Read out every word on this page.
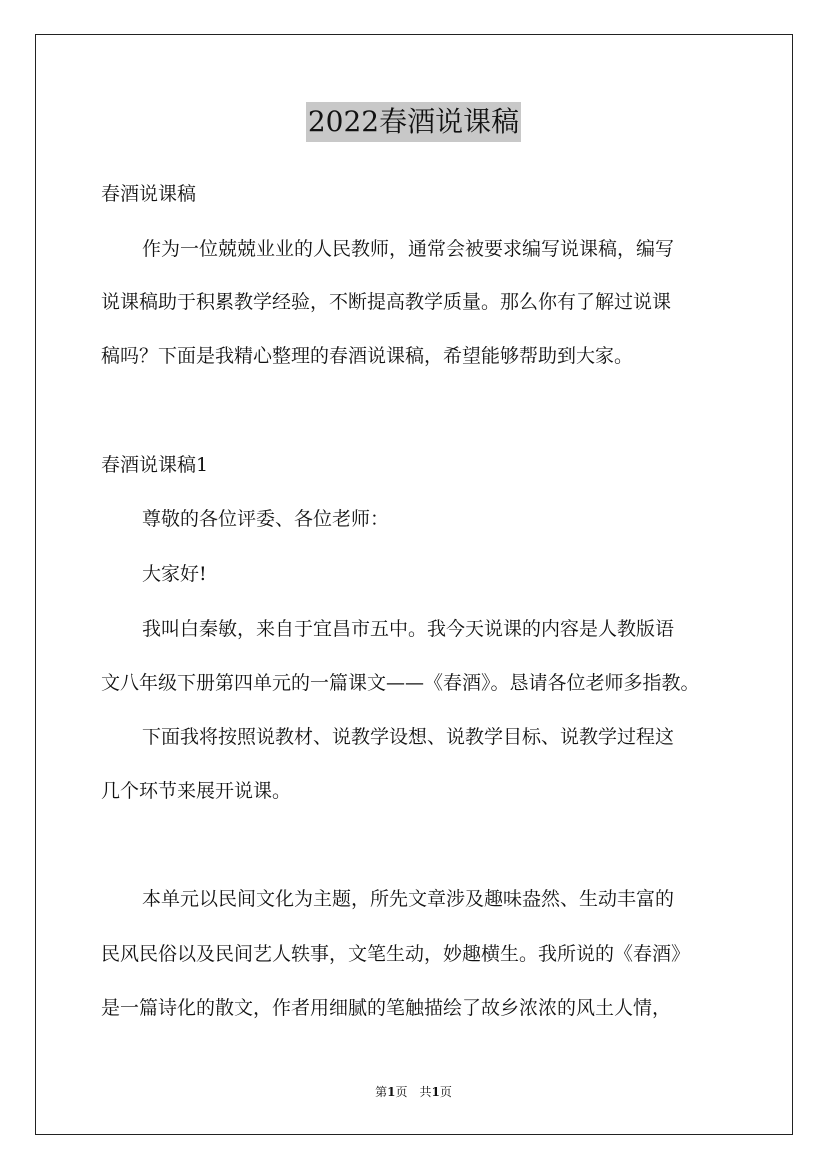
2022春酒说课稿
春酒说课稿
作为一位兢兢业业的人民教师，通常会被要求编写说课稿，编写
说课稿助于积累教学经验，不断提高教学质量。那么你有了解过说课
稿吗？下面是我精心整理的春酒说课稿，希望能够帮助到大家。
春酒说课稿1
尊敬的各位评委、各位老师：
大家好!
我叫白秦敏，来自于宜昌市五中。我今天说课的内容是人教版语
文八年级下册第四单元的一篇课文——《春酒》。恳请各位老师多指教。
下面我将按照说教材、说教学设想、说教学目标、说教学过程这
几个环节来展开说课。
本单元以民间文化为主题，所先文章涉及趣味盎然、生动丰富的
民风民俗以及民间艺人轶事，文笔生动，妙趣横生。我所说的《春酒》
是一篇诗化的散文，作者用细腻的笔触描绘了故乡浓浓的风土人情，
第1页　共1页
